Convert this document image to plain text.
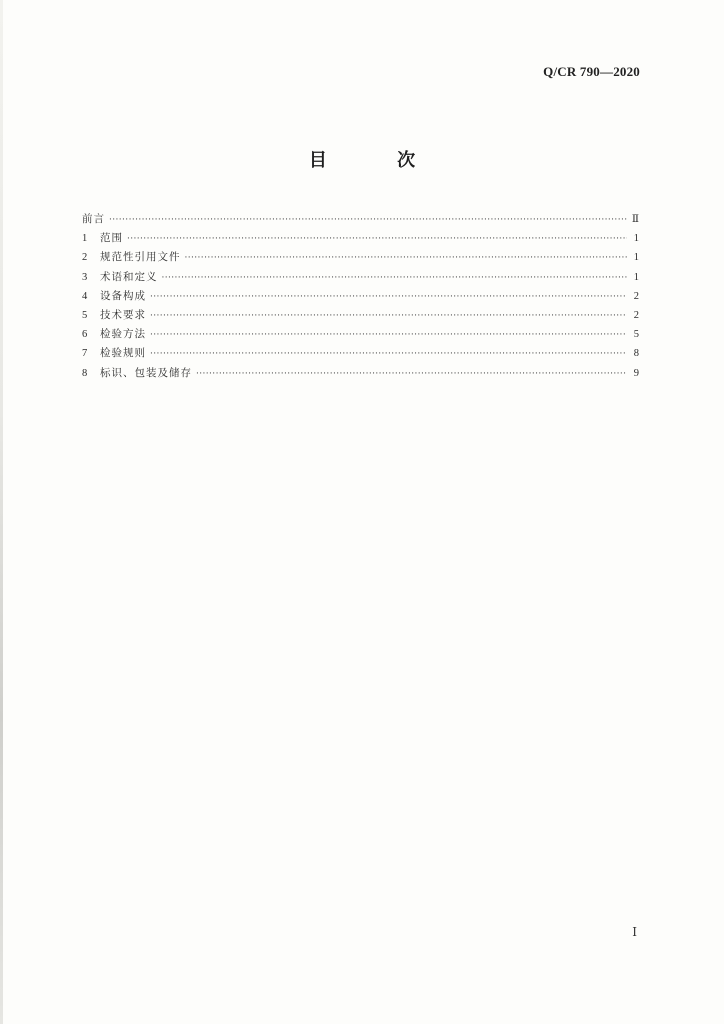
Q/CR 790—2020
目 次
前言 ·····	Ⅱ
1	范围 ·····	1
2	规范性引用文件 ·····	1
3	术语和定义 ·····	1
4	设备构成 ·····	2
5	技术要求 ·····	2
6	检验方法 ·····	5
7	检验规则 ·····	8
8	标识、包装及储存 ·····	9
Ⅰ
